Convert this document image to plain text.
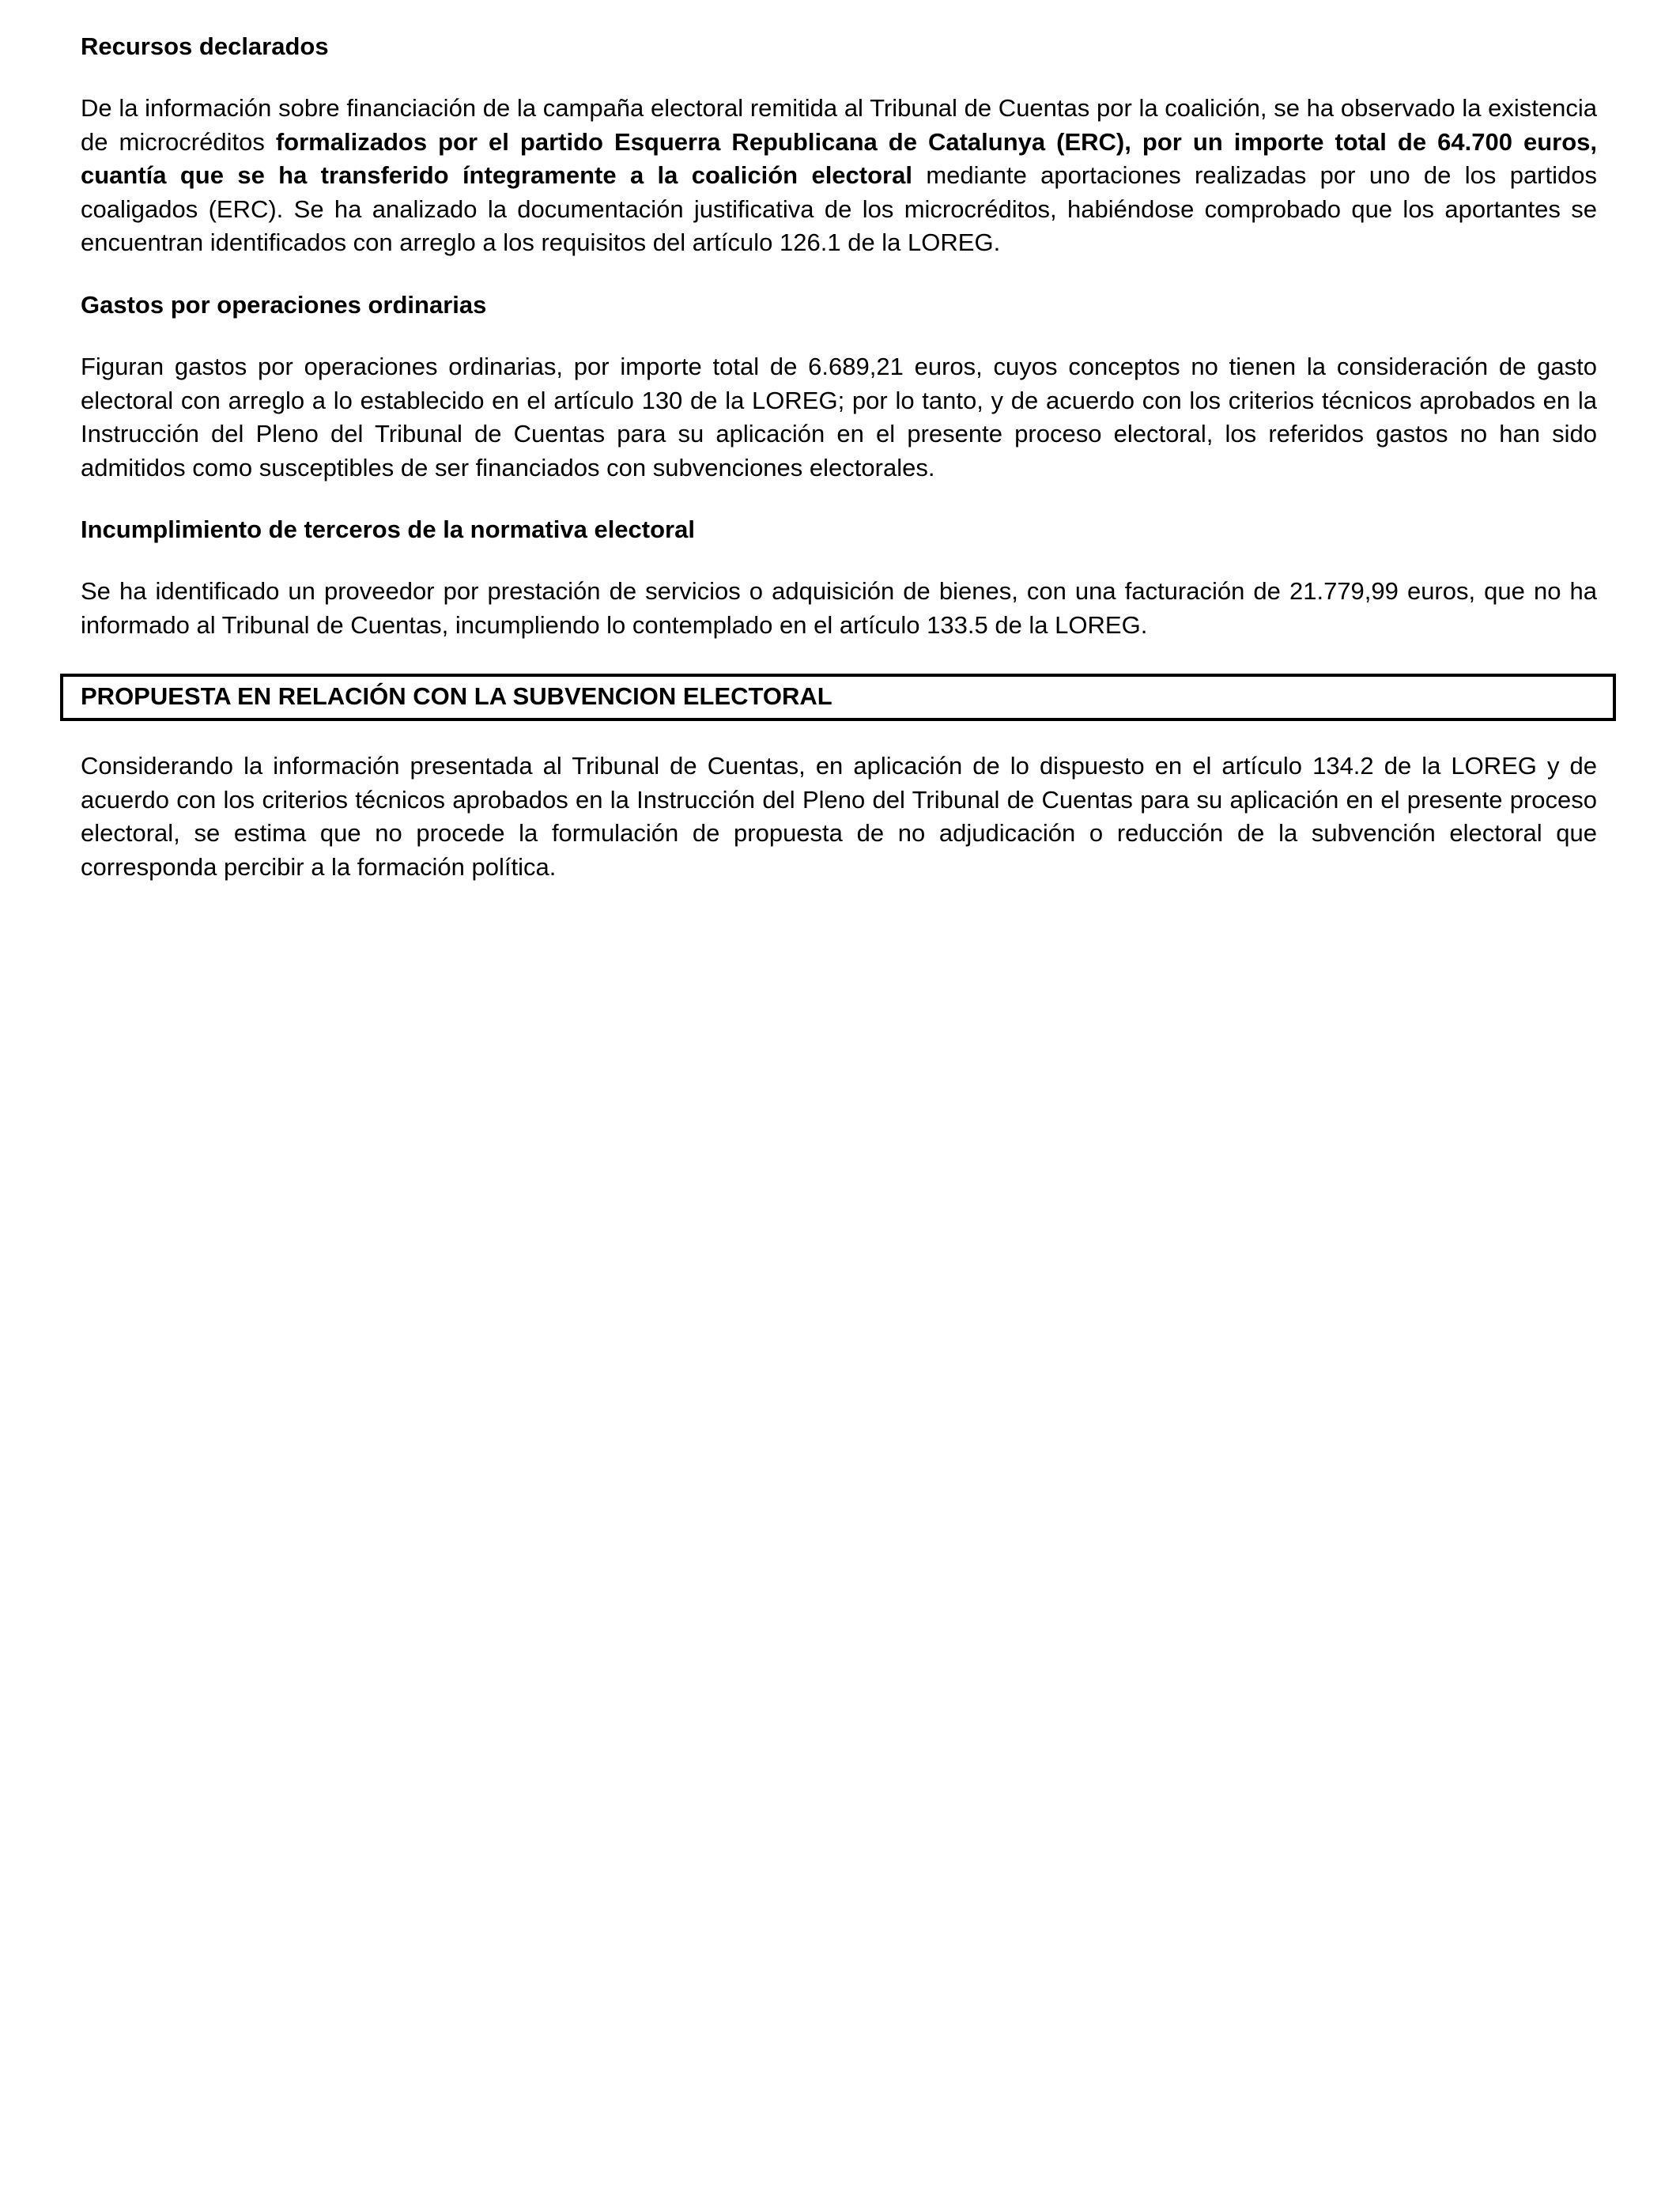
Recursos declarados

De la información sobre financiación de la campaña electoral remitida al Tribunal de Cuentas por la coalición, se ha observado la existencia de microcréditos formalizados por el partido Esquerra Republicana de Catalunya (ERC), por un importe total de 64.700 euros, cuantía que se ha transferido íntegramente a la coalición electoral mediante aportaciones realizadas por uno de los partidos coaligados (ERC). Se ha analizado la documentación justificativa de los microcréditos, habiéndose comprobado que los aportantes se encuentran identificados con arreglo a los requisitos del artículo 126.1 de la LOREG.

Gastos por operaciones ordinarias

Figuran gastos por operaciones ordinarias, por importe total de 6.689,21 euros, cuyos conceptos no tienen la consideración de gasto electoral con arreglo a lo establecido en el artículo 130 de la LOREG; por lo tanto, y de acuerdo con los criterios técnicos aprobados en la Instrucción del Pleno del Tribunal de Cuentas para su aplicación en el presente proceso electoral, los referidos gastos no han sido admitidos como susceptibles de ser financiados con subvenciones electorales.

Incumplimiento de terceros de la normativa electoral

Se ha identificado un proveedor por prestación de servicios o adquisición de bienes, con una facturación de 21.779,99 euros, que no ha informado al Tribunal de Cuentas, incumpliendo lo contemplado en el artículo 133.5 de la LOREG.

PROPUESTA EN RELACIÓN CON LA SUBVENCION ELECTORAL

Considerando la información presentada al Tribunal de Cuentas, en aplicación de lo dispuesto en el artículo 134.2 de la LOREG y de acuerdo con los criterios técnicos aprobados en la Instrucción del Pleno del Tribunal de Cuentas para su aplicación en el presente proceso electoral, se estima que no procede la formulación de propuesta de no adjudicación o reducción de la subvención electoral que corresponda percibir a la formación política.
